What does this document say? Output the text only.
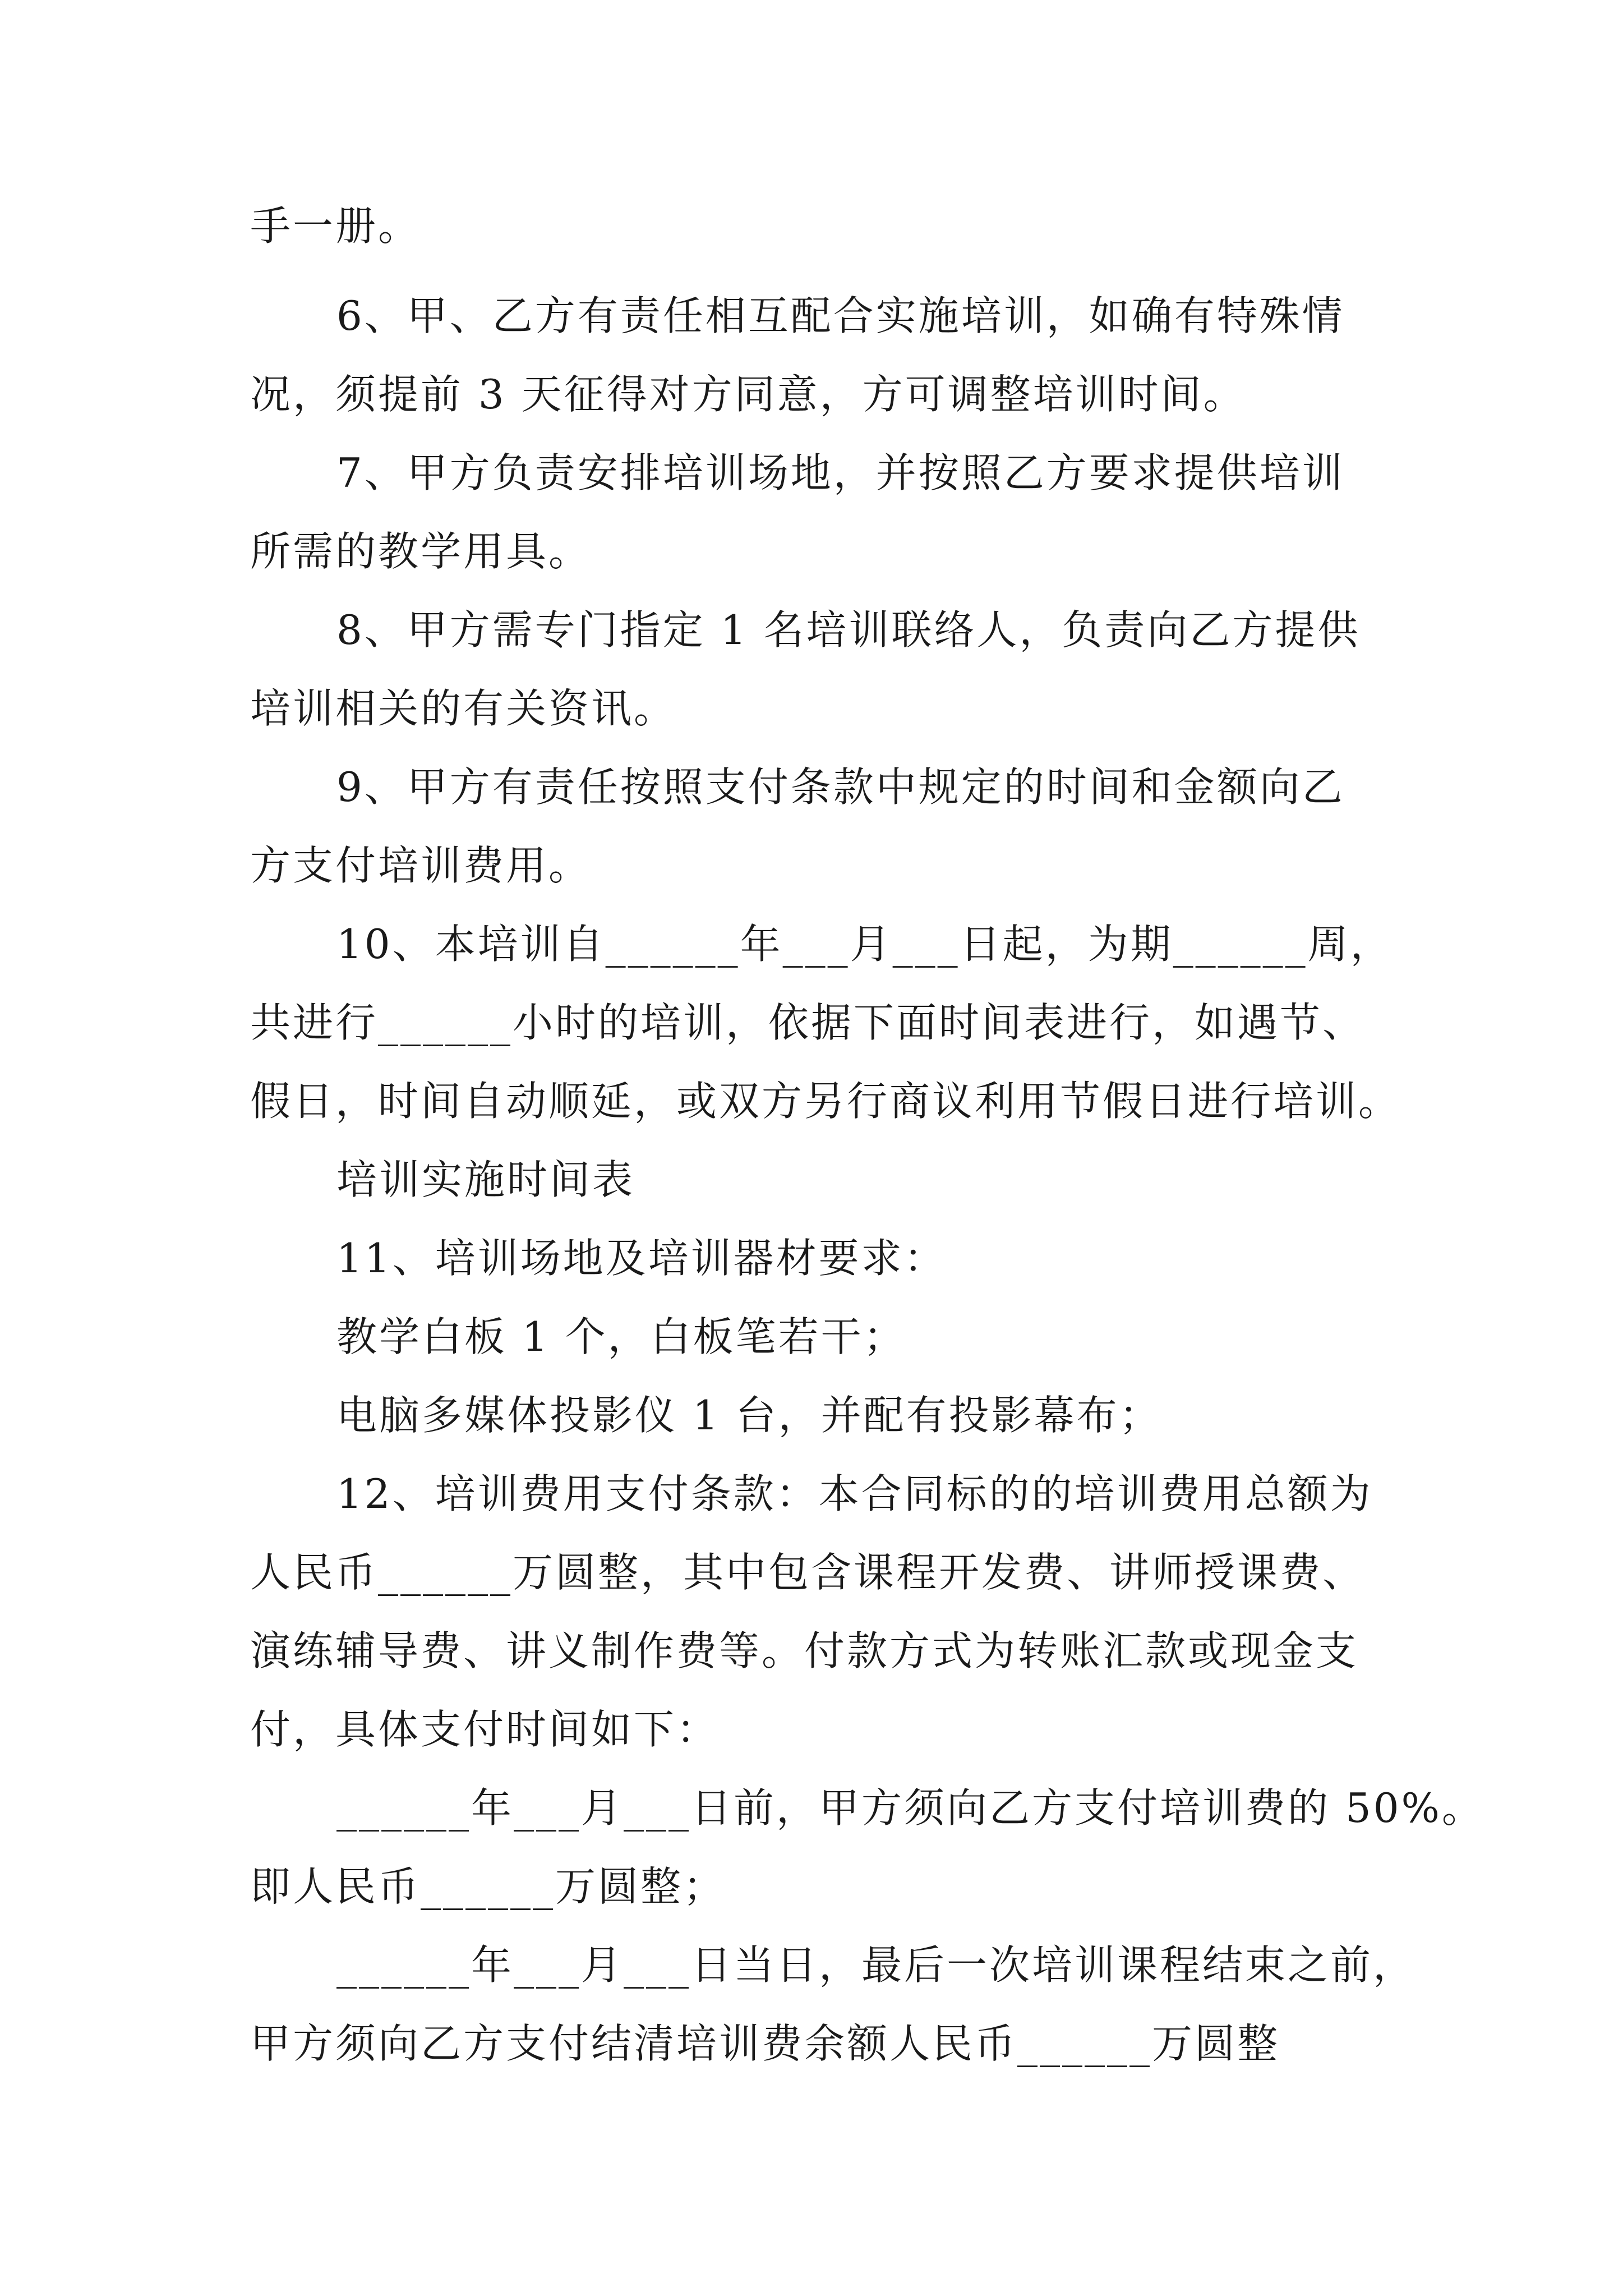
手一册。
6、甲、乙方有责任相互配合实施培训，如确有特殊情
况，须提前 3 天征得对方同意，方可调整培训时间。
7、甲方负责安排培训场地，并按照乙方要求提供培训
所需的教学用具。
8、甲方需专门指定 1 名培训联络人，负责向乙方提供
培训相关的有关资讯。
9、甲方有责任按照支付条款中规定的时间和金额向乙
方支付培训费用。
10、本培训自______年___月___日起，为期______周，
共进行______小时的培训，依据下面时间表进行，如遇节、
假日，时间自动顺延，或双方另行商议利用节假日进行培训。
培训实施时间表
11、培训场地及培训器材要求：
教学白板 1 个，白板笔若干；
电脑多媒体投影仪 1 台，并配有投影幕布；
12、培训费用支付条款：本合同标的的培训费用总额为
人民币______万圆整，其中包含课程开发费、讲师授课费、
演练辅导费、讲义制作费等。付款方式为转账汇款或现金支
付，具体支付时间如下：
______年___月___日前，甲方须向乙方支付培训费的 50%。
即人民币______万圆整；
______年___月___日当日，最后一次培训课程结束之前，
甲方须向乙方支付结清培训费余额人民币______万圆整
